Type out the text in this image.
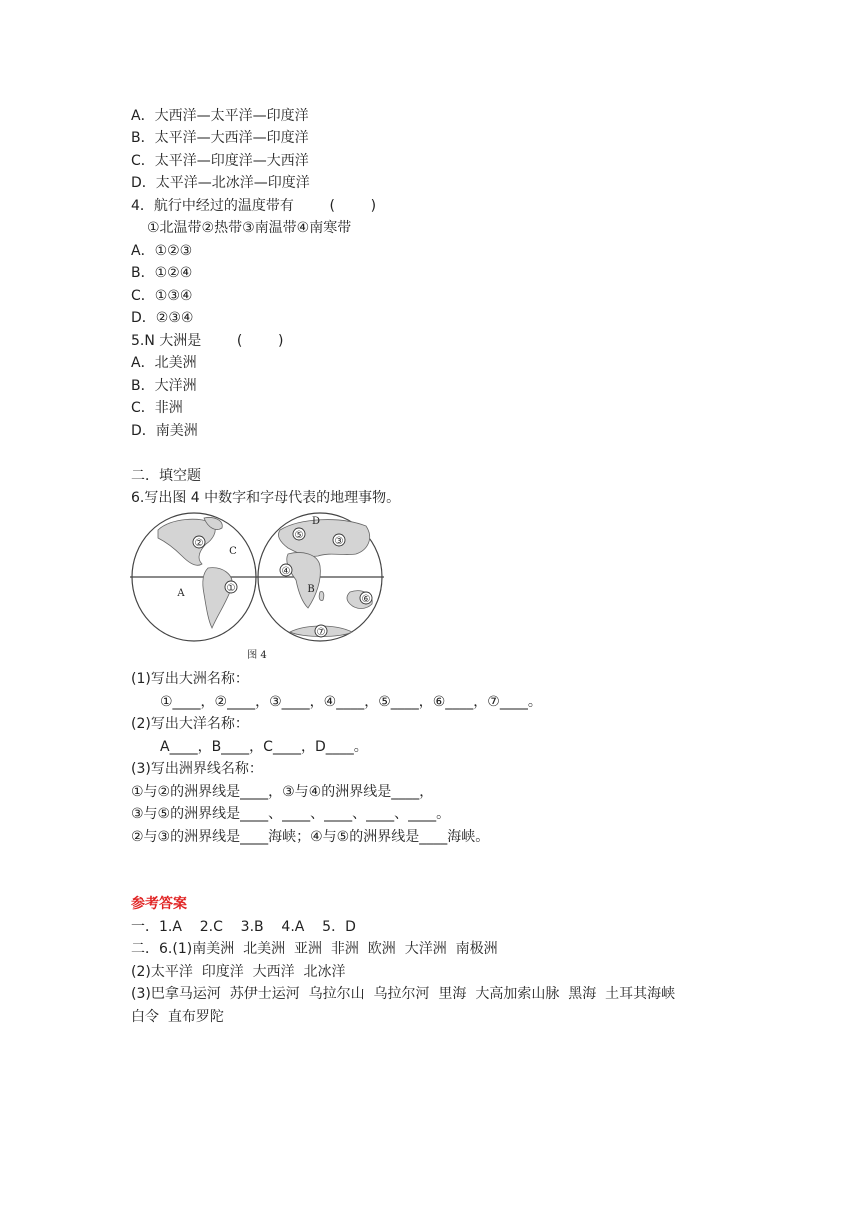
A．大西洋—太平洋—印度洋
B．太平洋—大西洋—印度洋
C．太平洋—印度洋—大西洋
D．太平洋—北冰洋—印度洋
4．航行中经过的温度带有        (        )
①北温带②热带③南温带④南寒带
A．①②③
B．①②④
C．①③④
D．②③④
5.N 大洲是        (        )
A．北美洲
B．大洋洲
C．非洲
D．南美洲
二．填空题
6.写出图 4 中数字和字母代表的地理事物。
②
①
C
A
D
⑤
③
④
B
⑥
⑦
图 4
(1)写出大洲名称：
①____，②____，③____，④____，⑤____，⑥____，⑦____。
(2)写出大洋名称：
A____，B____，C____，D____。
(3)写出洲界线名称：
①与②的洲界线是____，③与④的洲界线是____，
③与⑤的洲界线是____、____、____、____、____。
②与③的洲界线是____海峡；④与⑤的洲界线是____海峡。
参考答案
一．1.A    2.C    3.B    4.A    5．D
二．6.(1)南美洲  北美洲  亚洲  非洲  欧洲  大洋洲  南极洲
(2)太平洋  印度洋  大西洋  北冰洋
(3)巴拿马运河  苏伊士运河  乌拉尔山  乌拉尔河  里海  大高加索山脉  黑海  土耳其海峡
白令  直布罗陀
